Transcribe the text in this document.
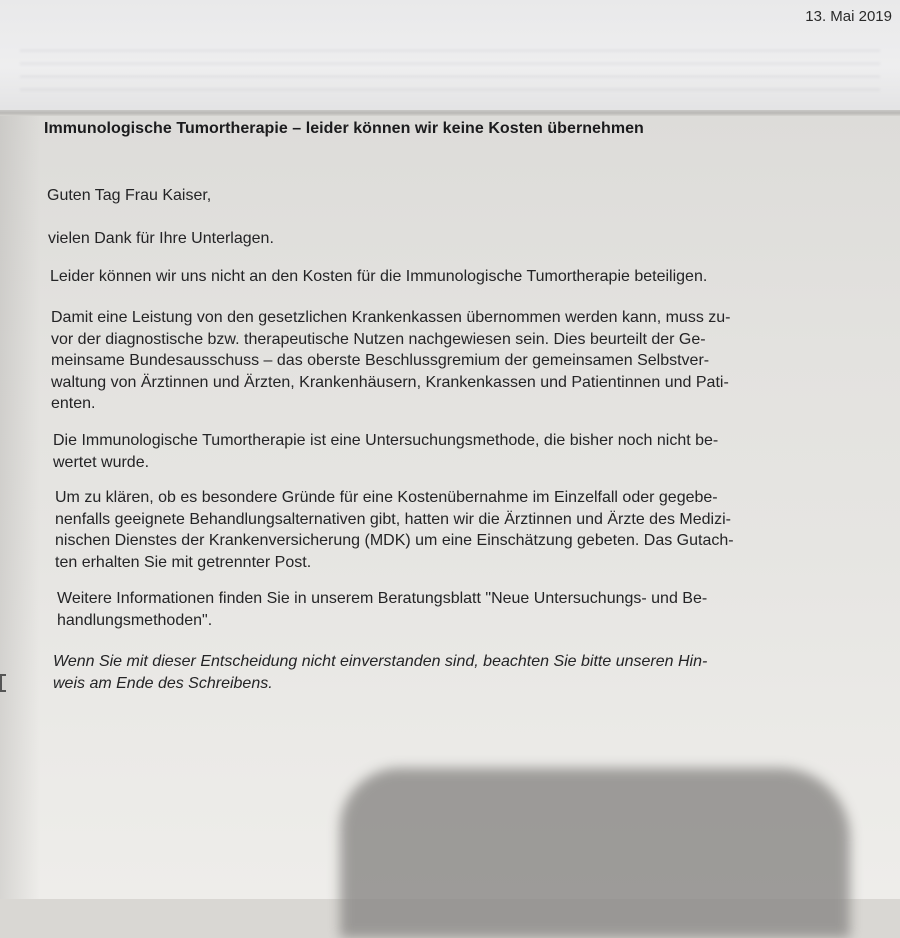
13. Mai 2019
Immunologische Tumortherapie – leider können wir keine Kosten übernehmen

Guten Tag Frau Kaiser,

vielen Dank für Ihre Unterlagen.

Leider können wir uns nicht an den Kosten für die Immunologische Tumortherapie beteiligen.

Damit eine Leistung von den gesetzlichen Krankenkassen übernommen werden kann, muss zu-
vor der diagnostische bzw. therapeutische Nutzen nachgewiesen sein. Dies beurteilt der Ge-
meinsame Bundesausschuss – das oberste Beschlussgremium der gemeinsamen Selbstver-
waltung von Ärztinnen und Ärzten, Krankenhäusern, Krankenkassen und Patientinnen und Pati-
enten.

Die Immunologische Tumortherapie ist eine Untersuchungsmethode, die bisher noch nicht be-
wertet wurde.

Um zu klären, ob es besondere Gründe für eine Kostenübernahme im Einzelfall oder gegebe-
nenfalls geeignete Behandlungsalternativen gibt, hatten wir die Ärztinnen und Ärzte des Medizi-
nischen Dienstes der Krankenversicherung (MDK) um eine Einschätzung gebeten. Das Gutach-
ten erhalten Sie mit getrennter Post.

Weitere Informationen finden Sie in unserem Beratungsblatt "Neue Untersuchungs- und Be-
handlungsmethoden".

Wenn Sie mit dieser Entscheidung nicht einverstanden sind, beachten Sie bitte unseren Hin-
weis am Ende des Schreibens.
